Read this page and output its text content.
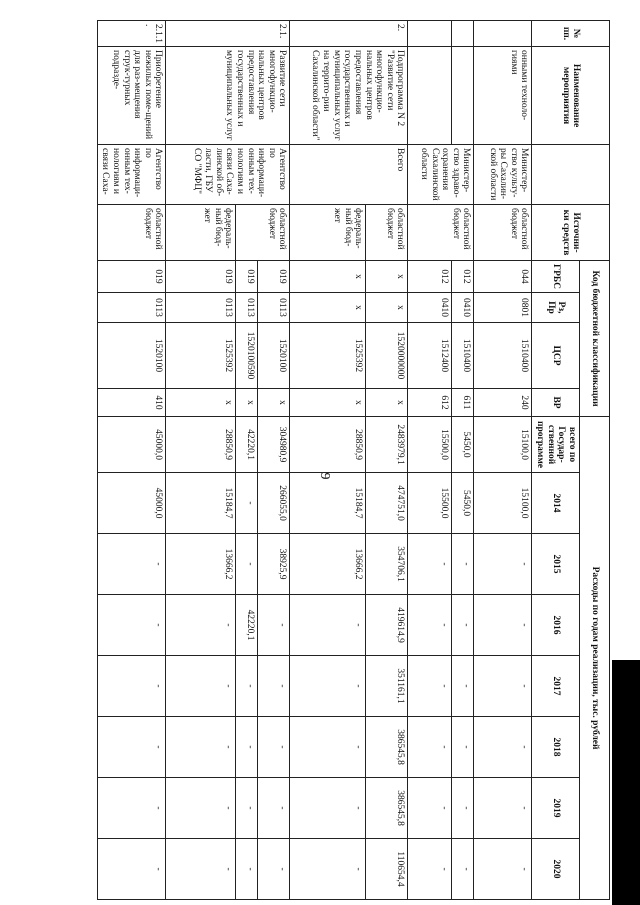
9
№ пп.	Наименование мероприятия		Источни-ки средств	Код бюджетной классификации				Расходы по годам реализации, тыс. рублей							
				ГРБС	Рз, Пр	ЦСР	ВР	всего по Государ-ственной программе	2014	2015	2016	2017	2018	2019	2020
	онными техноло-гиями	Министер-ство культу-ры Сахалин-ской области	областной бюджет	044	0801	1510400	240	15100,0	15100,0	-	-	-	-	-	-
		Министер-ство здраво-охранения Сахалинской области	областной бюджет	012	0410	1510400	611	5450,0	5450,0	-	-	-	-	-	-
				012	0410	1512400	612	15500,0	15500,0	-	-	-	-	-	-
2.	Подпрограмма N 2 "Развитие сети многофункцио-нальных центров предоставления государственных и муниципальных услуг на террито-рии Сахалинской области"	Всего	областной бюджет	x	x	1520000000	x	2483979,1	474751,0	354706,1	419614,9	351161,1	386545,8	386545,8	110654,4
			федераль-ный бюд-жет	x	x	1525392	x	28850,9	15184,7	13666,2	-	-	-	-	-
2.1.	Развитие сети многофункцио-нальных центров предоставления государственных и муниципальных услуг	Агентство по информаци-онным тех-нологиям и связи Саха-линской об-ласти, ГБУ СО "МФЦ"	областной бюджет	019	0113	1520100	x	304980,9	266055,0	38925,9	-	-	-	-	-
				019	0113	1520100590	x	42220,1	-	-	42220,1	-	-	-	-
			федераль-ный бюд-жет	019	0113	1525392	x	28850,9	15184,7	13666,2	-	-	-	-	-
2.1.1.	Приобретение нежилых поме-щений для раз-мещения струк-турных подразде-	Агентство по информаци-онным тех-нологиям и связи Саха-	областной бюджет	019	0113	1520100	410	45000,0	45000,0	-	-	-	-	-	-
